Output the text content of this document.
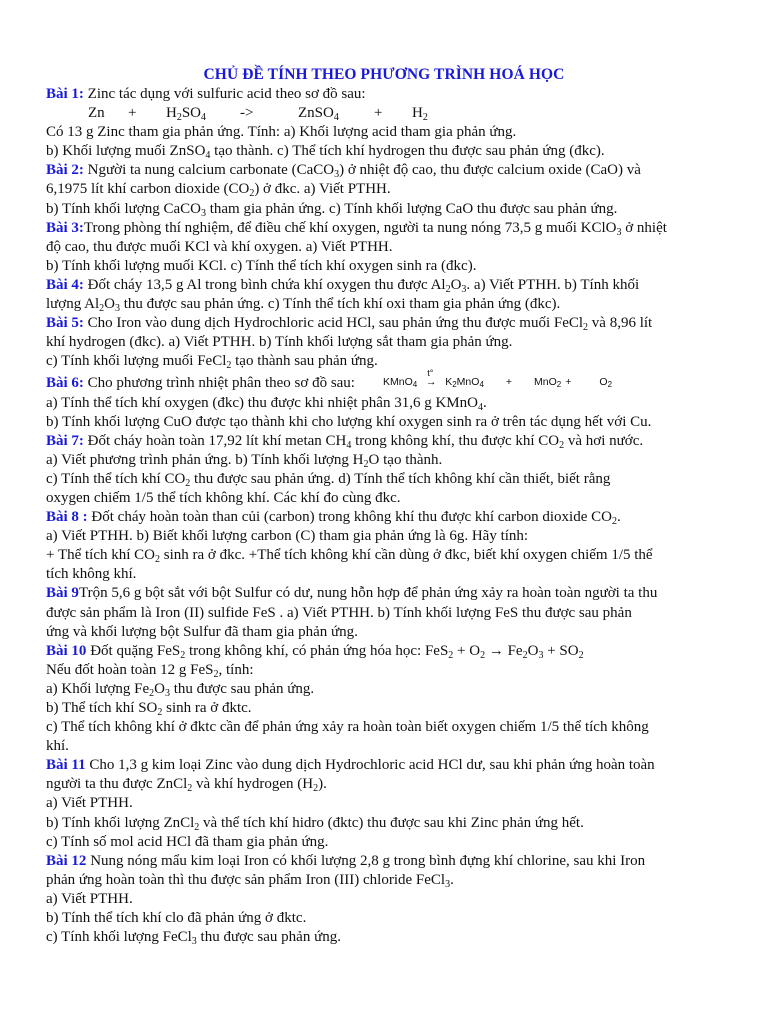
CHỦ ĐỀ TÍNH THEO PHƯƠNG TRÌNH HOÁ HỌC
Bài 1: Zinc tác dụng với sulfuric acid theo sơ đồ sau:
$Zn + H_2SO_4$ ->	ZnSO$_4$ + $H_2$
Có 13 g Zinc tham gia phản ứng. Tính: a) Khối lượng acid tham gia phản ứng.
b) Khối lượng muối ZnSO$_4$ tạo thành. c) Thể tích khí hydrogen thu được sau phản ứng (đkc).
Bài 2: Người ta nung calcium carbonate (CaCO$_3$) ở nhiệt độ cao, thu được calcium oxide (CaO) và
6,1975 lít khí carbon dioxide $(CO_2)$ ở đkc. a) Viết PTHH.
b) Tính khối lượng CaCO$_3$ tham gia phản ứng. c) Tính khối lượng CaO thu được sau phản ứng.
Bài 3:Trong phòng thí nghiệm, để điều chế khí oxygen, người ta nung nóng 73,5 g muối KClO$_3$ ở nhiệt
độ cao, thu được muối KCl và khí oxygen. a) Viết PTHH.
b) Tính khối lượng muối KCl. c) Tính thể tích khí oxygen sinh ra (đkc).
Bài 4: Đốt cháy 13,5 g Al trong bình chứa khí oxygen thu được $Al_2O_3$. a) Viết PTHH. b) Tính khối
lượng $Al_2O_3$ thu được sau phản ứng. c) Tính thể tích khí oxi tham gia phản ứng (đkc).
Bài 5: Cho Iron vào dung dịch Hydrochloric acid HCl, sau phản ứng thu được muối FeCl$_2$ và 8,96 lít
khí hydrogen (đkc). a) Viết PTHH. b) Tính khối lượng sắt tham gia phản ứng.
c) Tính khối lượng muối FeCl$_2$ tạo thành sau phản ứng.
Bài 6: Cho phương trình nhiệt phân theo sơ đồ sau:	KMnO$_4$
t°
→ $K_2MnO_4 + MnO_2$ +	$O_2$
a) Tính thể tích khí oxygen (đkc) thu được khi nhiệt phân 31,6 g KMnO$_4$.
b) Tính khối lượng CuO được tạo thành khi cho lượng khí oxygen sinh ra ở trên tác dụng hết với Cu.
Bài 7: Đốt cháy hoàn toàn 17,92 lít khí metan $CH_4$ trong không khí, thu được khí $CO_2$ và hơi nước.
a) Viết phương trình phản ứng. b) Tính khối lượng $H_2O$ tạo thành.
c) Tính thể tích khí $CO_2$ thu được sau phản ứng. d) Tính thể tích không khí cần thiết, biết rằng
oxygen chiếm 1/5 thể tích không khí. Các khí đo cùng đkc.
Bài 8 : Đốt cháy hoàn toàn than củi (carbon) trong không khí thu được khí carbon dioxide $CO_2$.
a) Viết PTHH. b) Biết khối lượng carbon (C) tham gia phản ứng là 6g. Hãy tính:
+ Thể tích khí $CO_2$ sinh ra ở đkc. +Thể tích không khí cần dùng ở đkc, biết khí oxygen chiếm 1/5 thể
tích không khí.
Bài 9Trộn 5,6 g bột sắt với bột Sulfur có dư, nung hỗn hợp để phản ứng xảy ra hoàn toàn người ta thu
được sản phẩm là Iron (II) sulfide FeS . a) Viết PTHH. b) Tính khối lượng FeS thu được sau phản
ứng và khối lượng bột Sulfur đã tham gia phản ứng.
Bài 10 Đốt quặng FeS$_2$ trong không khí, có phản ứng hóa học: $FeS_2 + O_2 \to Fe_2O_3 + SO_2$
Nếu đốt hoàn toàn 12 g FeS$_2$, tính:
a) Khối lượng $Fe_2O_3$ thu được sau phản ứng.
b) Thể tích khí $SO_2$ sinh ra ở đktc.
c) Thể tích không khí ở đktc cần để phản ứng xảy ra hoàn toàn biết oxygen chiếm 1/5 thể tích không
khí.
Bài 11 Cho 1,3 g kim loại Zinc vào dung dịch Hydrochloric acid HCl dư, sau khi phản ứng hoàn toàn
người ta thu được ZnCl$_2$ và khí hydrogen $(H_2)$.
a) Viết PTHH.
b) Tính khối lượng ZnCl$_2$ và thể tích khí hidro (đktc) thu được sau khi Zinc phản ứng hết.
c) Tính số mol acid HCl đã tham gia phản ứng.
Bài 12 Nung nóng mẩu kim loại Iron có khối lượng 2,8 g trong bình đựng khí chlorine, sau khi Iron
phản ứng hoàn toàn thì thu được sản phẩm Iron (III) chloride FeCl$_3$.
a) Viết PTHH.
b) Tính thể tích khí clo đã phản ứng ở đktc.
c) Tính khối lượng FeCl$_3$ thu được sau phản ứng.
